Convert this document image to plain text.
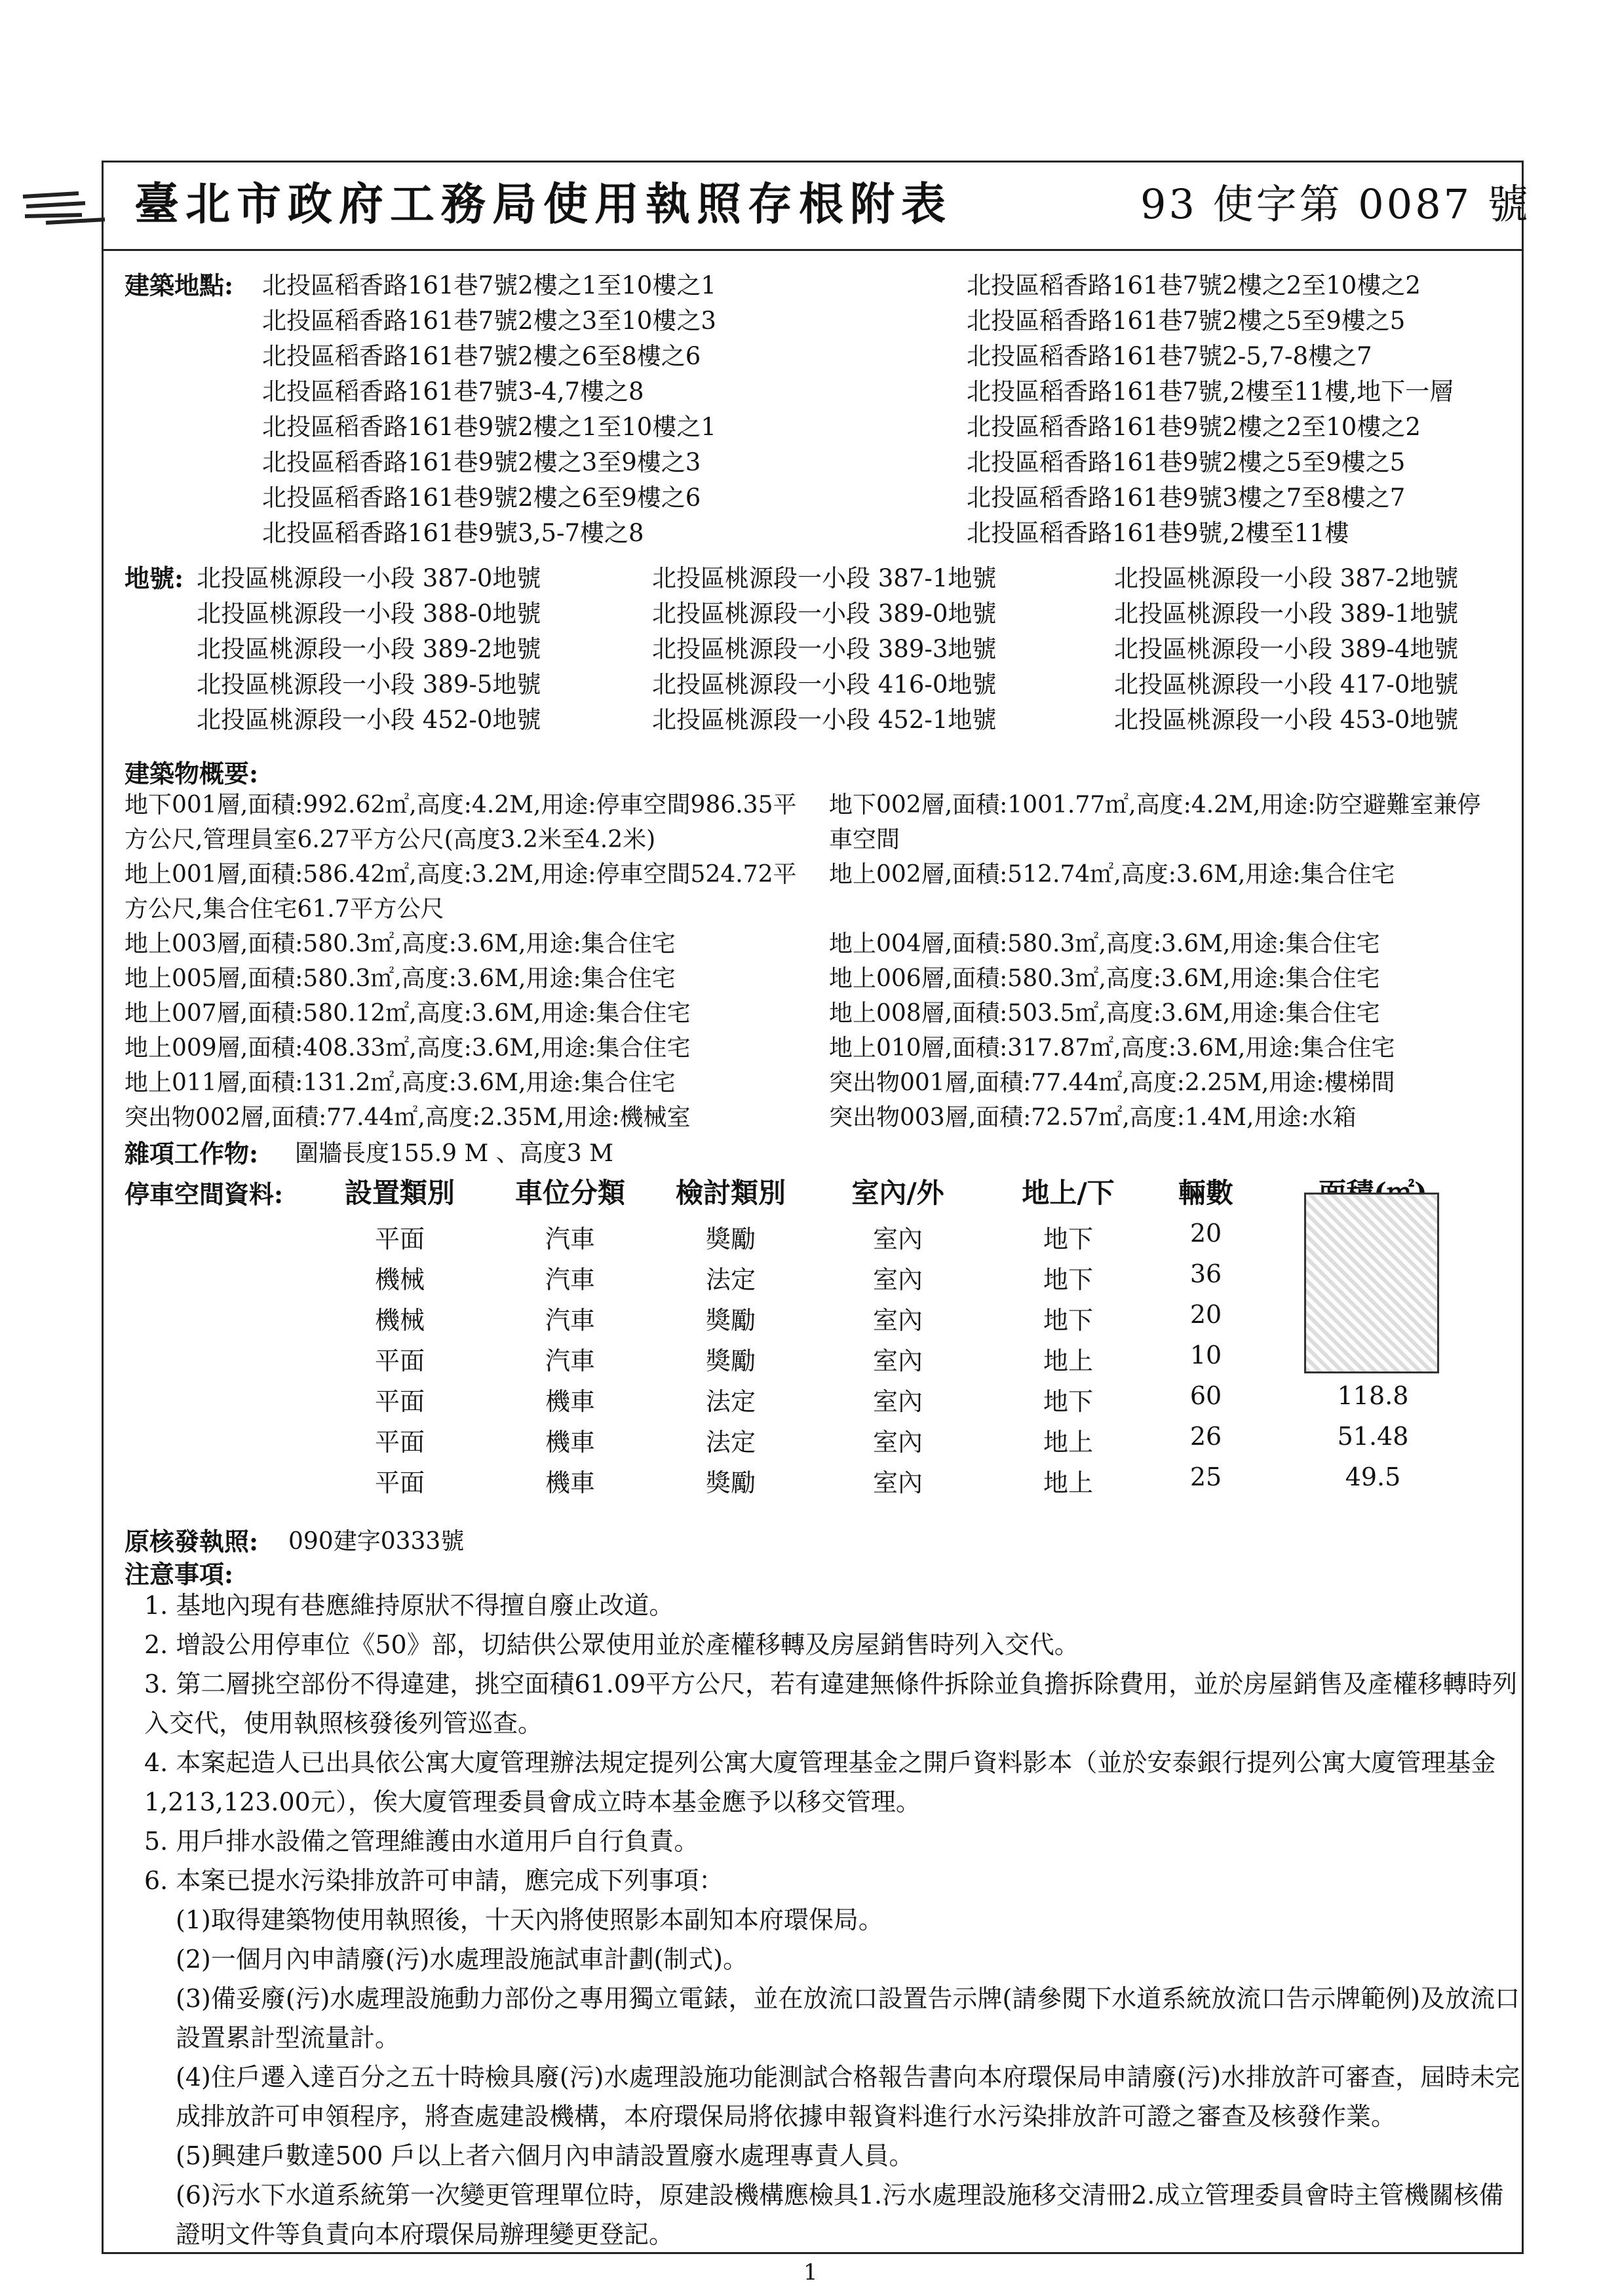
臺北市政府工務局使用執照存根附表	93 使字第 0087 號
建築地點: 北投區稻香路161巷7號2樓之1至10樓之1	北投區稻香路161巷7號2樓之2至10樓之2
北投區稻香路161巷7號2樓之3至10樓之3	北投區稻香路161巷7號2樓之5至9樓之5
北投區稻香路161巷7號2樓之6至8樓之6	北投區稻香路161巷7號2-5,7-8樓之7
北投區稻香路161巷7號3-4,7樓之8	北投區稻香路161巷7號,2樓至11樓,地下一層
北投區稻香路161巷9號2樓之1至10樓之1	北投區稻香路161巷9號2樓之2至10樓之2
北投區稻香路161巷9號2樓之3至9樓之3	北投區稻香路161巷9號2樓之5至9樓之5
北投區稻香路161巷9號2樓之6至9樓之6	北投區稻香路161巷9號3樓之7至8樓之7
北投區稻香路161巷9號3,5-7樓之8	北投區稻香路161巷9號,2樓至11樓
地號: 北投區桃源段一小段 387-0地號	北投區桃源段一小段 387-1地號	北投區桃源段一小段 387-2地號
北投區桃源段一小段 388-0地號	北投區桃源段一小段 389-0地號	北投區桃源段一小段 389-1地號
北投區桃源段一小段 389-2地號	北投區桃源段一小段 389-3地號	北投區桃源段一小段 389-4地號
北投區桃源段一小段 389-5地號	北投區桃源段一小段 416-0地號	北投區桃源段一小段 417-0地號
北投區桃源段一小段 452-0地號	北投區桃源段一小段 452-1地號	北投區桃源段一小段 453-0地號
建築物概要:
地下001層,面積:992.62㎡,高度:4.2M,用途:停車空間986.35平 地下002層,面積:1001.77㎡,高度:4.2M,用途:防空避難室兼停
方公尺,管理員室6.27平方公尺(高度3.2米至4.2米)	車空間
地上001層,面積:586.42㎡,高度:3.2M,用途:停車空間524.72平 地上002層,面積:512.74㎡,高度:3.6M,用途:集合住宅
方公尺,集合住宅61.7平方公尺
地上003層,面積:580.3㎡,高度:3.6M,用途:集合住宅	地上004層,面積:580.3㎡,高度:3.6M,用途:集合住宅
地上005層,面積:580.3㎡,高度:3.6M,用途:集合住宅	地上006層,面積:580.3㎡,高度:3.6M,用途:集合住宅
地上007層,面積:580.12㎡,高度:3.6M,用途:集合住宅	地上008層,面積:503.5㎡,高度:3.6M,用途:集合住宅
地上009層,面積:408.33㎡,高度:3.6M,用途:集合住宅	地上010層,面積:317.87㎡,高度:3.6M,用途:集合住宅
地上011層,面積:131.2㎡,高度:3.6M,用途:集合住宅	突出物001層,面積:77.44㎡,高度:2.25M,用途:樓梯間
突出物002層,面積:77.44㎡,高度:2.35M,用途:機械室	突出物003層,面積:72.57㎡,高度:1.4M,用途:水箱
雜項工作物: 圍牆長度155.9 M 、高度3 M
停車空間資料:	設置類別	車位分類	檢討類別	室內/外	地上/下	輛數
平面	汽車	獎勵	室內	地下	20
機械	汽車	法定	室內	地下	36
機械	汽車	獎勵	室內	地下	20
平面	汽車	獎勵	室內	地上	10
平面	機車	法定	室內	地下	60	118.8
平面	機車	法定	室內	地上	26	51.48
平面	機車	獎勵	室內	地上	25	49.5
原核發執照: 090建字0333號
注意事項:
1. 基地內現有巷應維持原狀不得擅自廢止改道。
2. 增設公用停車位《50》部，切結供公眾使用並於產權移轉及房屋銷售時列入交代。
3. 第二層挑空部份不得違建，挑空面積61.09平方公尺，若有違建無條件拆除並負擔拆除費用，並於房屋銷售及產權移轉時列入交代，使用執照核發後列管巡查。
4. 本案起造人已出具依公寓大廈管理辦法規定提列公寓大廈管理基金之開戶資料影本（並於安泰銀行提列公寓大廈管理基金1,213,123.00元），俟大廈管理委員會成立時本基金應予以移交管理。
5. 用戶排水設備之管理維護由水道用戶自行負責。
6. 本案已提水污染排放許可申請，應完成下列事項：
(1)取得建築物使用執照後，十天內將使照影本副知本府環保局。
(2)一個月內申請廢(污)水處理設施試車計劃(制式)。
(3)備妥廢(污)水處理設施動力部份之專用獨立電錶，並在放流口設置告示牌(請參閱下水道系統放流口告示牌範例)及放流口設置累計型流量計。
(4)住戶遷入達百分之五十時檢具廢(污)水處理設施功能測試合格報告書向本府環保局申請廢(污)水排放許可審查，屆時未完成排放許可申領程序，將查處建設機構，本府環保局將依據申報資料進行水污染排放許可證之審查及核發作業。
(5)興建戶數達500 戶以上者六個月內申請設置廢水處理專責人員。
(6)污水下水道系統第一次變更管理單位時，原建設機構應檢具1.污水處理設施移交清冊2.成立管理委員會時主管機關核備證明文件等負責向本府環保局辦理變更登記。
1
